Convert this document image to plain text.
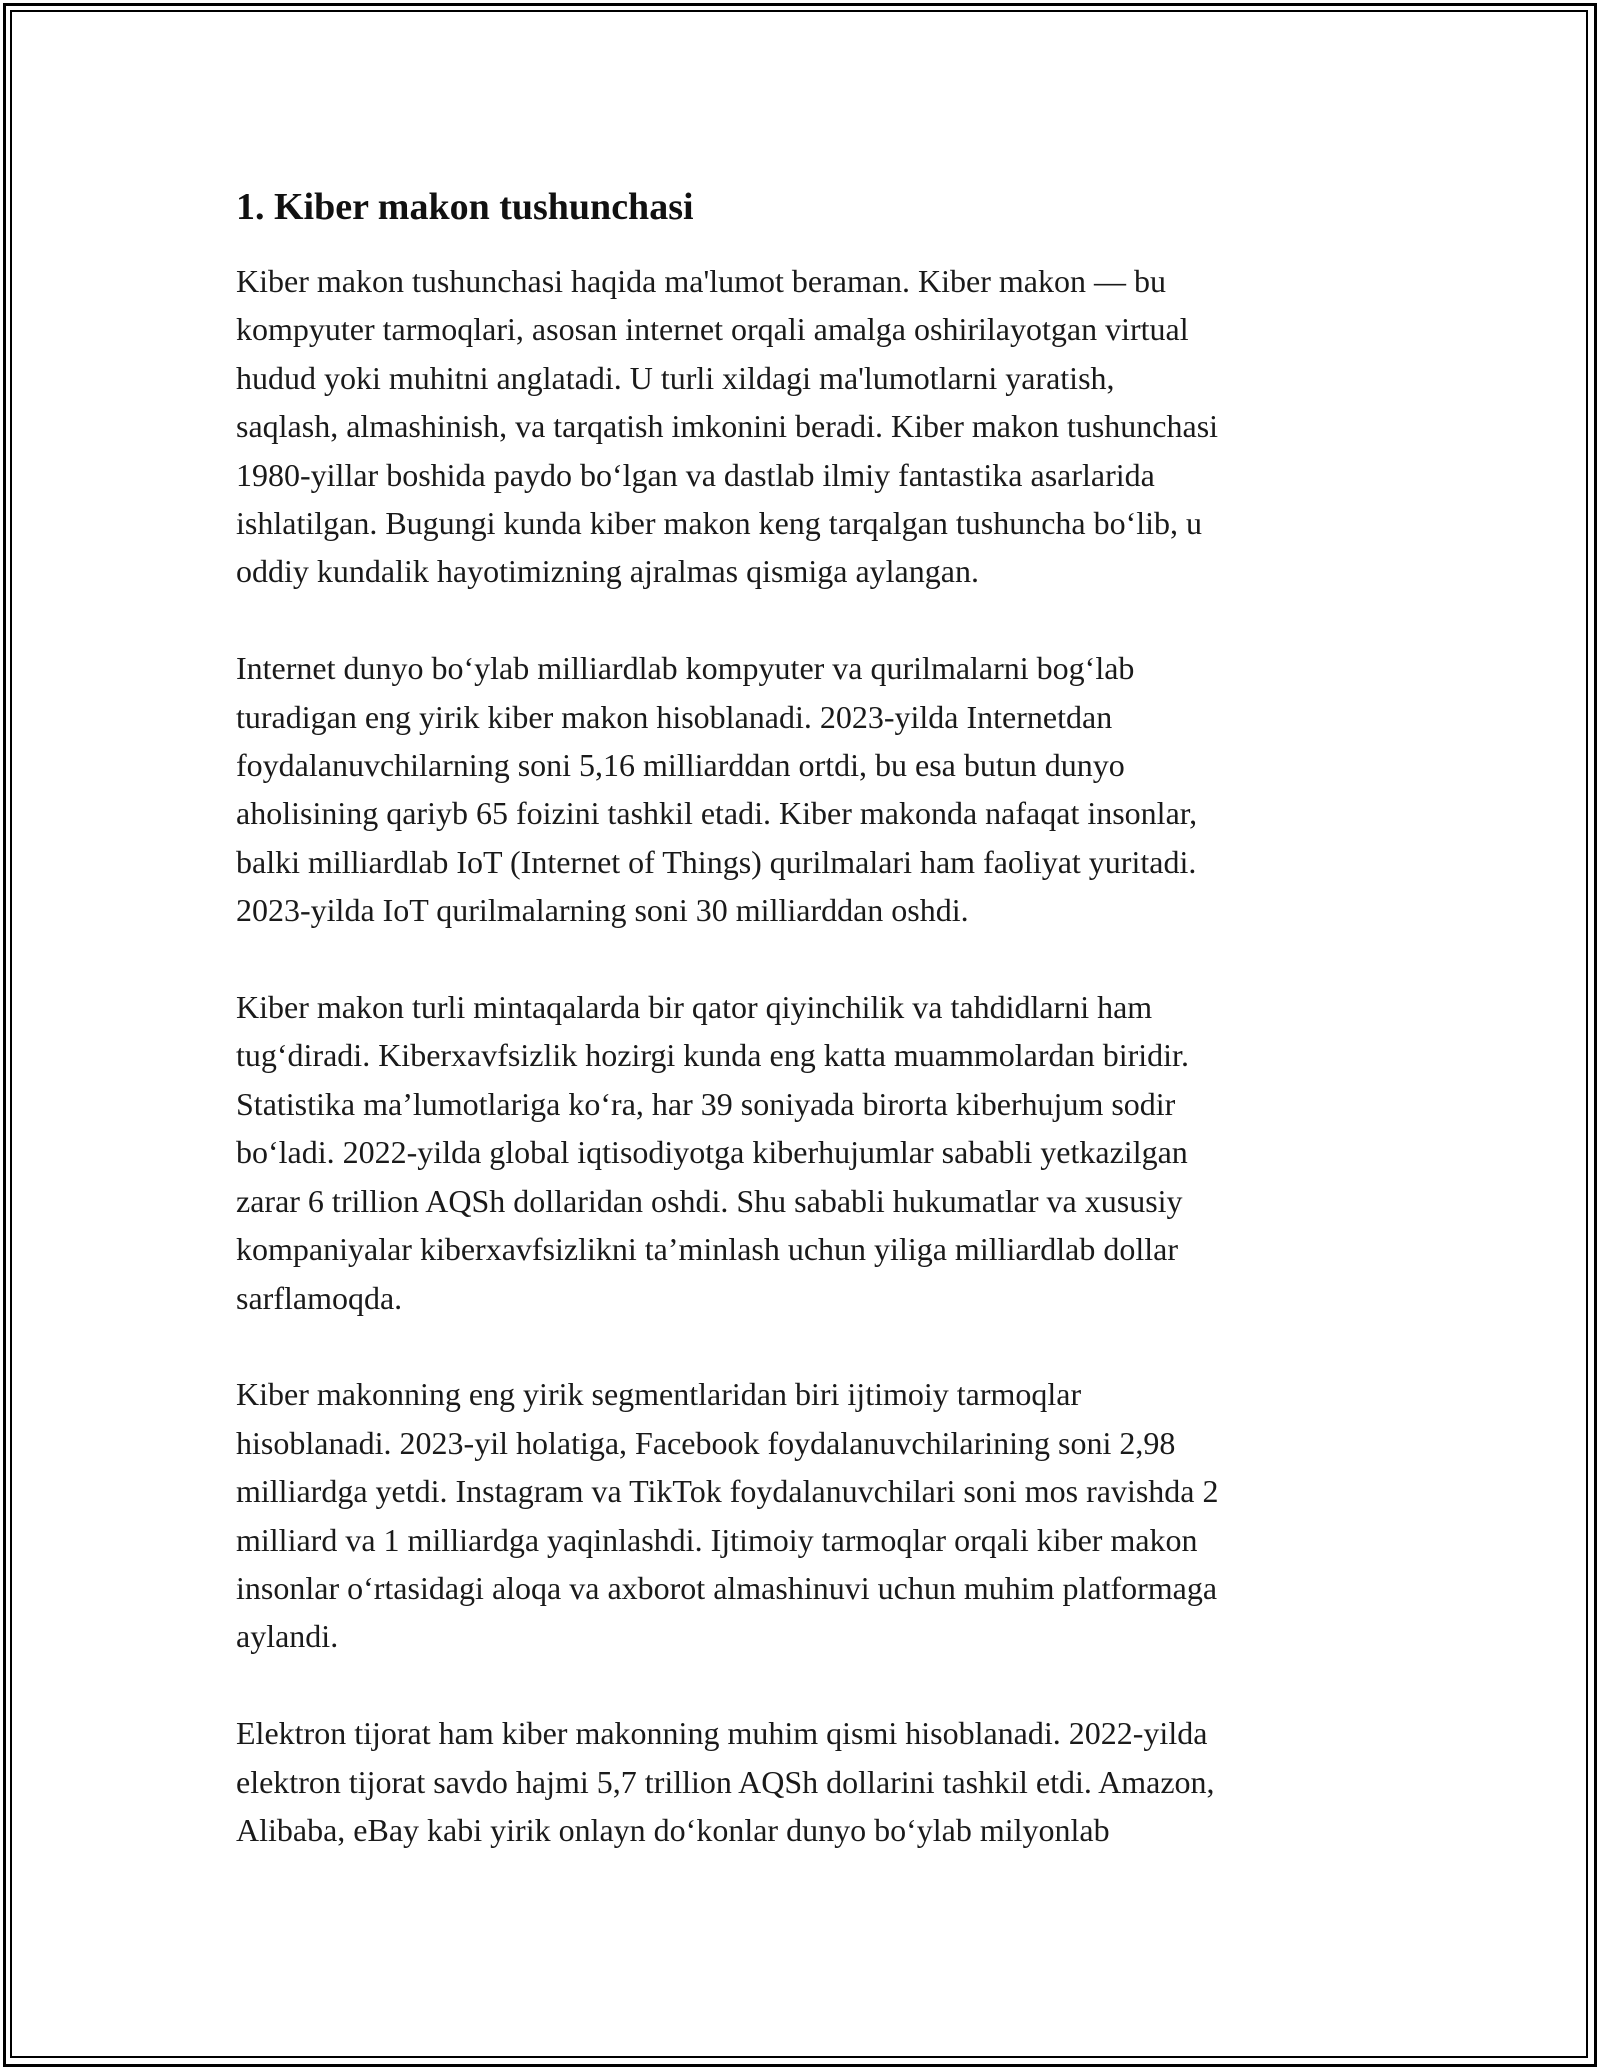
1. Kiber makon tushunchasi

Kiber makon tushunchasi haqida ma'lumot beraman. Kiber makon — bu
kompyuter tarmoqlari, asosan internet orqali amalga oshirilayotgan virtual
hudud yoki muhitni anglatadi. U turli xildagi ma'lumotlarni yaratish,
saqlash, almashinish, va tarqatish imkonini beradi. Kiber makon tushunchasi
1980-yillar boshida paydo boʻlgan va dastlab ilmiy fantastika asarlarida
ishlatilgan. Bugungi kunda kiber makon keng tarqalgan tushuncha boʻlib, u
oddiy kundalik hayotimizning ajralmas qismiga aylangan.

Internet dunyo boʻylab milliardlab kompyuter va qurilmalarni bogʻlab
turadigan eng yirik kiber makon hisoblanadi. 2023-yilda Internetdan
foydalanuvchilarning soni 5,16 milliarddan ortdi, bu esa butun dunyo
aholisining qariyb 65 foizini tashkil etadi. Kiber makonda nafaqat insonlar,
balki milliardlab IoT (Internet of Things) qurilmalari ham faoliyat yuritadi.
2023-yilda IoT qurilmalarning soni 30 milliarddan oshdi.

Kiber makon turli mintaqalarda bir qator qiyinchilik va tahdidlarni ham
tugʻdiradi. Kiberxavfsizlik hozirgi kunda eng katta muammolardan biridir.
Statistika maʼlumotlariga koʻra, har 39 soniyada birorta kiberhujum sodir
boʻladi. 2022-yilda global iqtisodiyotga kiberhujumlar sababli yetkazilgan
zarar 6 trillion AQSh dollaridan oshdi. Shu sababli hukumatlar va xususiy
kompaniyalar kiberxavfsizlikni taʼminlash uchun yiliga milliardlab dollar
sarflamoqda.

Kiber makonning eng yirik segmentlaridan biri ijtimoiy tarmoqlar
hisoblanadi. 2023-yil holatiga, Facebook foydalanuvchilarining soni 2,98
milliardga yetdi. Instagram va TikTok foydalanuvchilari soni mos ravishda 2
milliard va 1 milliardga yaqinlashdi. Ijtimoiy tarmoqlar orqali kiber makon
insonlar oʻrtasidagi aloqa va axborot almashinuvi uchun muhim platformaga
aylandi.

Elektron tijorat ham kiber makonning muhim qismi hisoblanadi. 2022-yilda
elektron tijorat savdo hajmi 5,7 trillion AQSh dollarini tashkil etdi. Amazon,
Alibaba, eBay kabi yirik onlayn doʻkonlar dunyo boʻylab milyonlab
